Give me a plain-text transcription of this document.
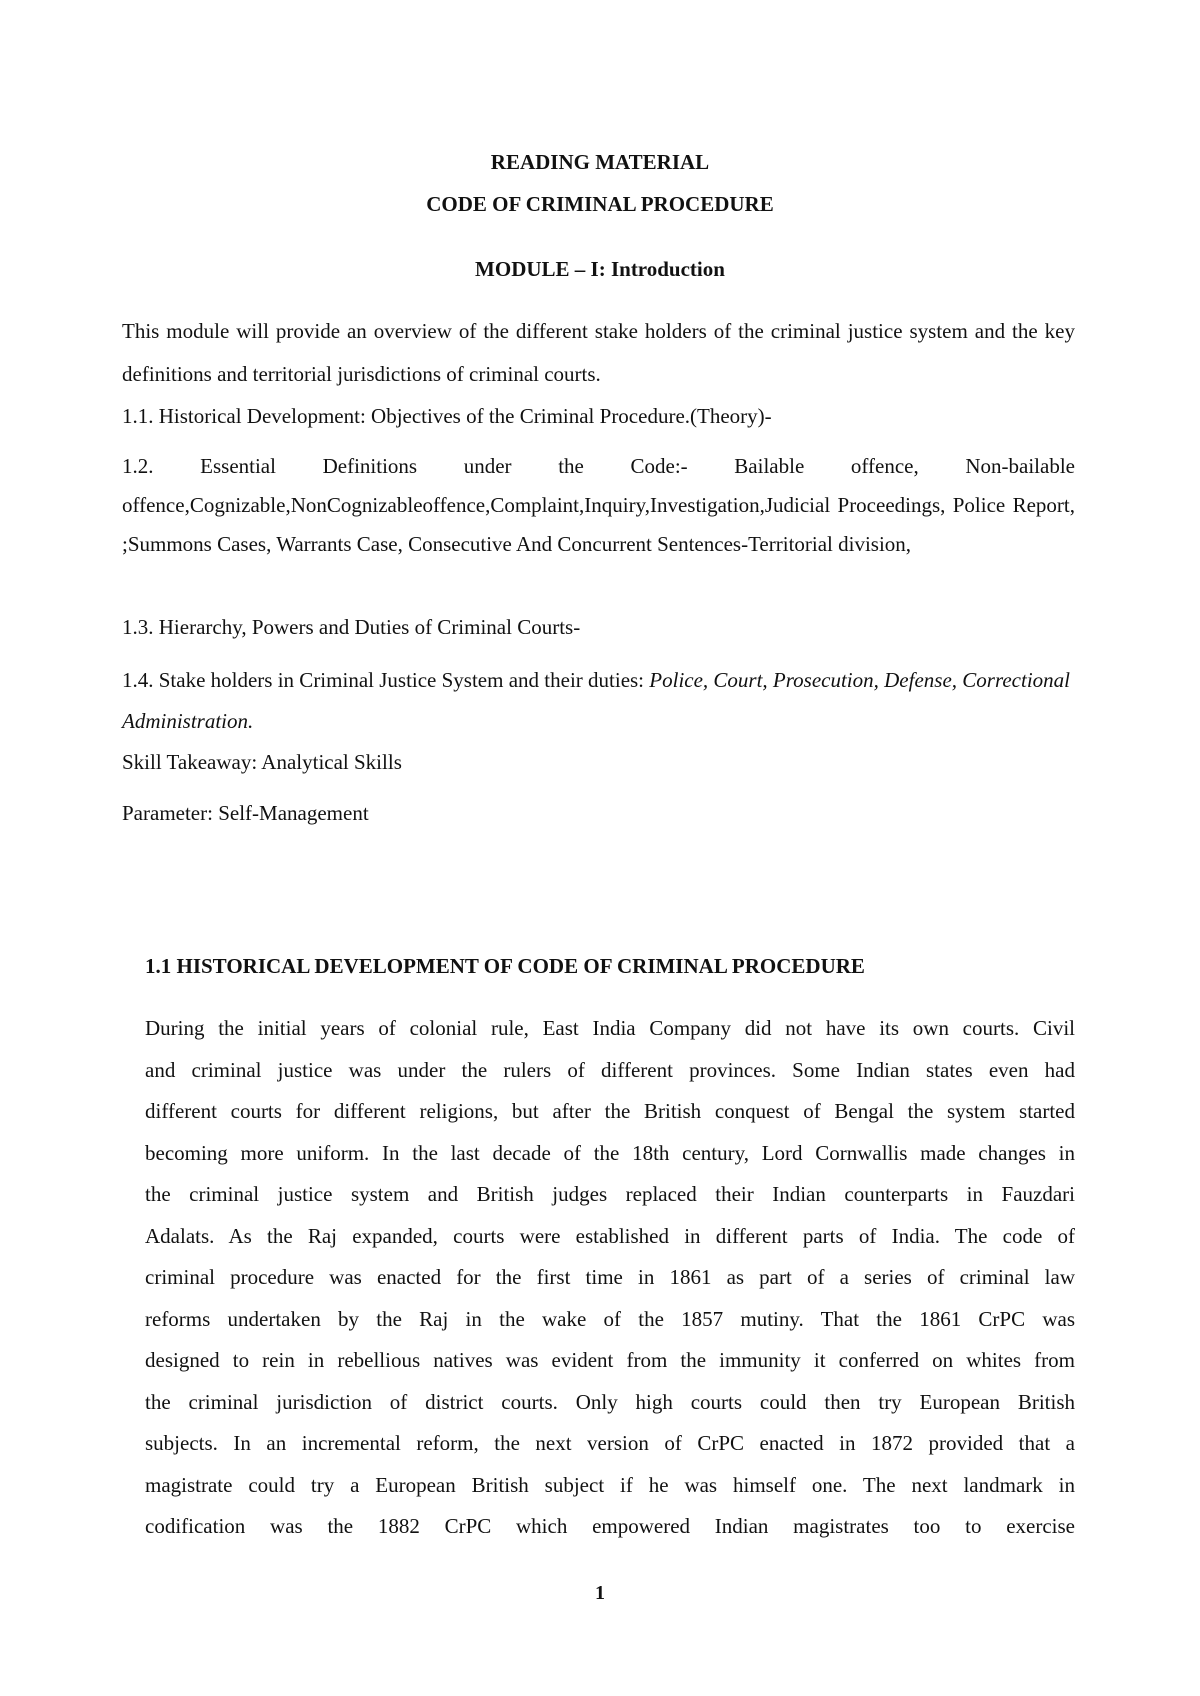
READING MATERIAL
CODE OF CRIMINAL PROCEDURE
MODULE – I: Introduction
This module will provide an overview of the different stake holders of the criminal justice system and the key definitions and territorial jurisdictions of criminal courts.
1.1. Historical Development: Objectives of the Criminal Procedure.(Theory)-
1.2. Essential Definitions under the Code:- Bailable offence, Non-bailable offence,Cognizable,NonCognizableoffence,Complaint,Inquiry,Investigation,Judicial Proceedings, Police Report, ;Summons Cases, Warrants Case, Consecutive And Concurrent Sentences-Territorial division,
1.3. Hierarchy, Powers and Duties of Criminal Courts-
1.4. Stake holders in Criminal Justice System and their duties: Police, Court, Prosecution, Defense, Correctional Administration.
Skill Takeaway: Analytical Skills
Parameter: Self-Management
1.1 HISTORICAL DEVELOPMENT OF CODE OF CRIMINAL PROCEDURE
During the initial years of colonial rule, East India Company did not have its own courts. Civil
and criminal justice was under the rulers of different provinces. Some Indian states even had
different courts for different religions, but after the British conquest of Bengal the system started
becoming more uniform. In the last decade of the 18th century, Lord Cornwallis made changes in
the criminal justice system and British judges replaced their Indian counterparts in Fauzdari
Adalats. As the Raj expanded, courts were established in different parts of India. The code of
criminal procedure was enacted for the first time in 1861 as part of a series of criminal law
reforms undertaken by the Raj in the wake of the 1857 mutiny. That the 1861 CrPC was
designed to rein in rebellious natives was evident from the immunity it conferred on whites from
the criminal jurisdiction of district courts. Only high courts could then try European British
subjects. In an incremental reform, the next version of CrPC enacted in 1872 provided that a
magistrate could try a European British subject if he was himself one. The next landmark in
codification was the 1882 CrPC which empowered Indian magistrates too to exercise
1
